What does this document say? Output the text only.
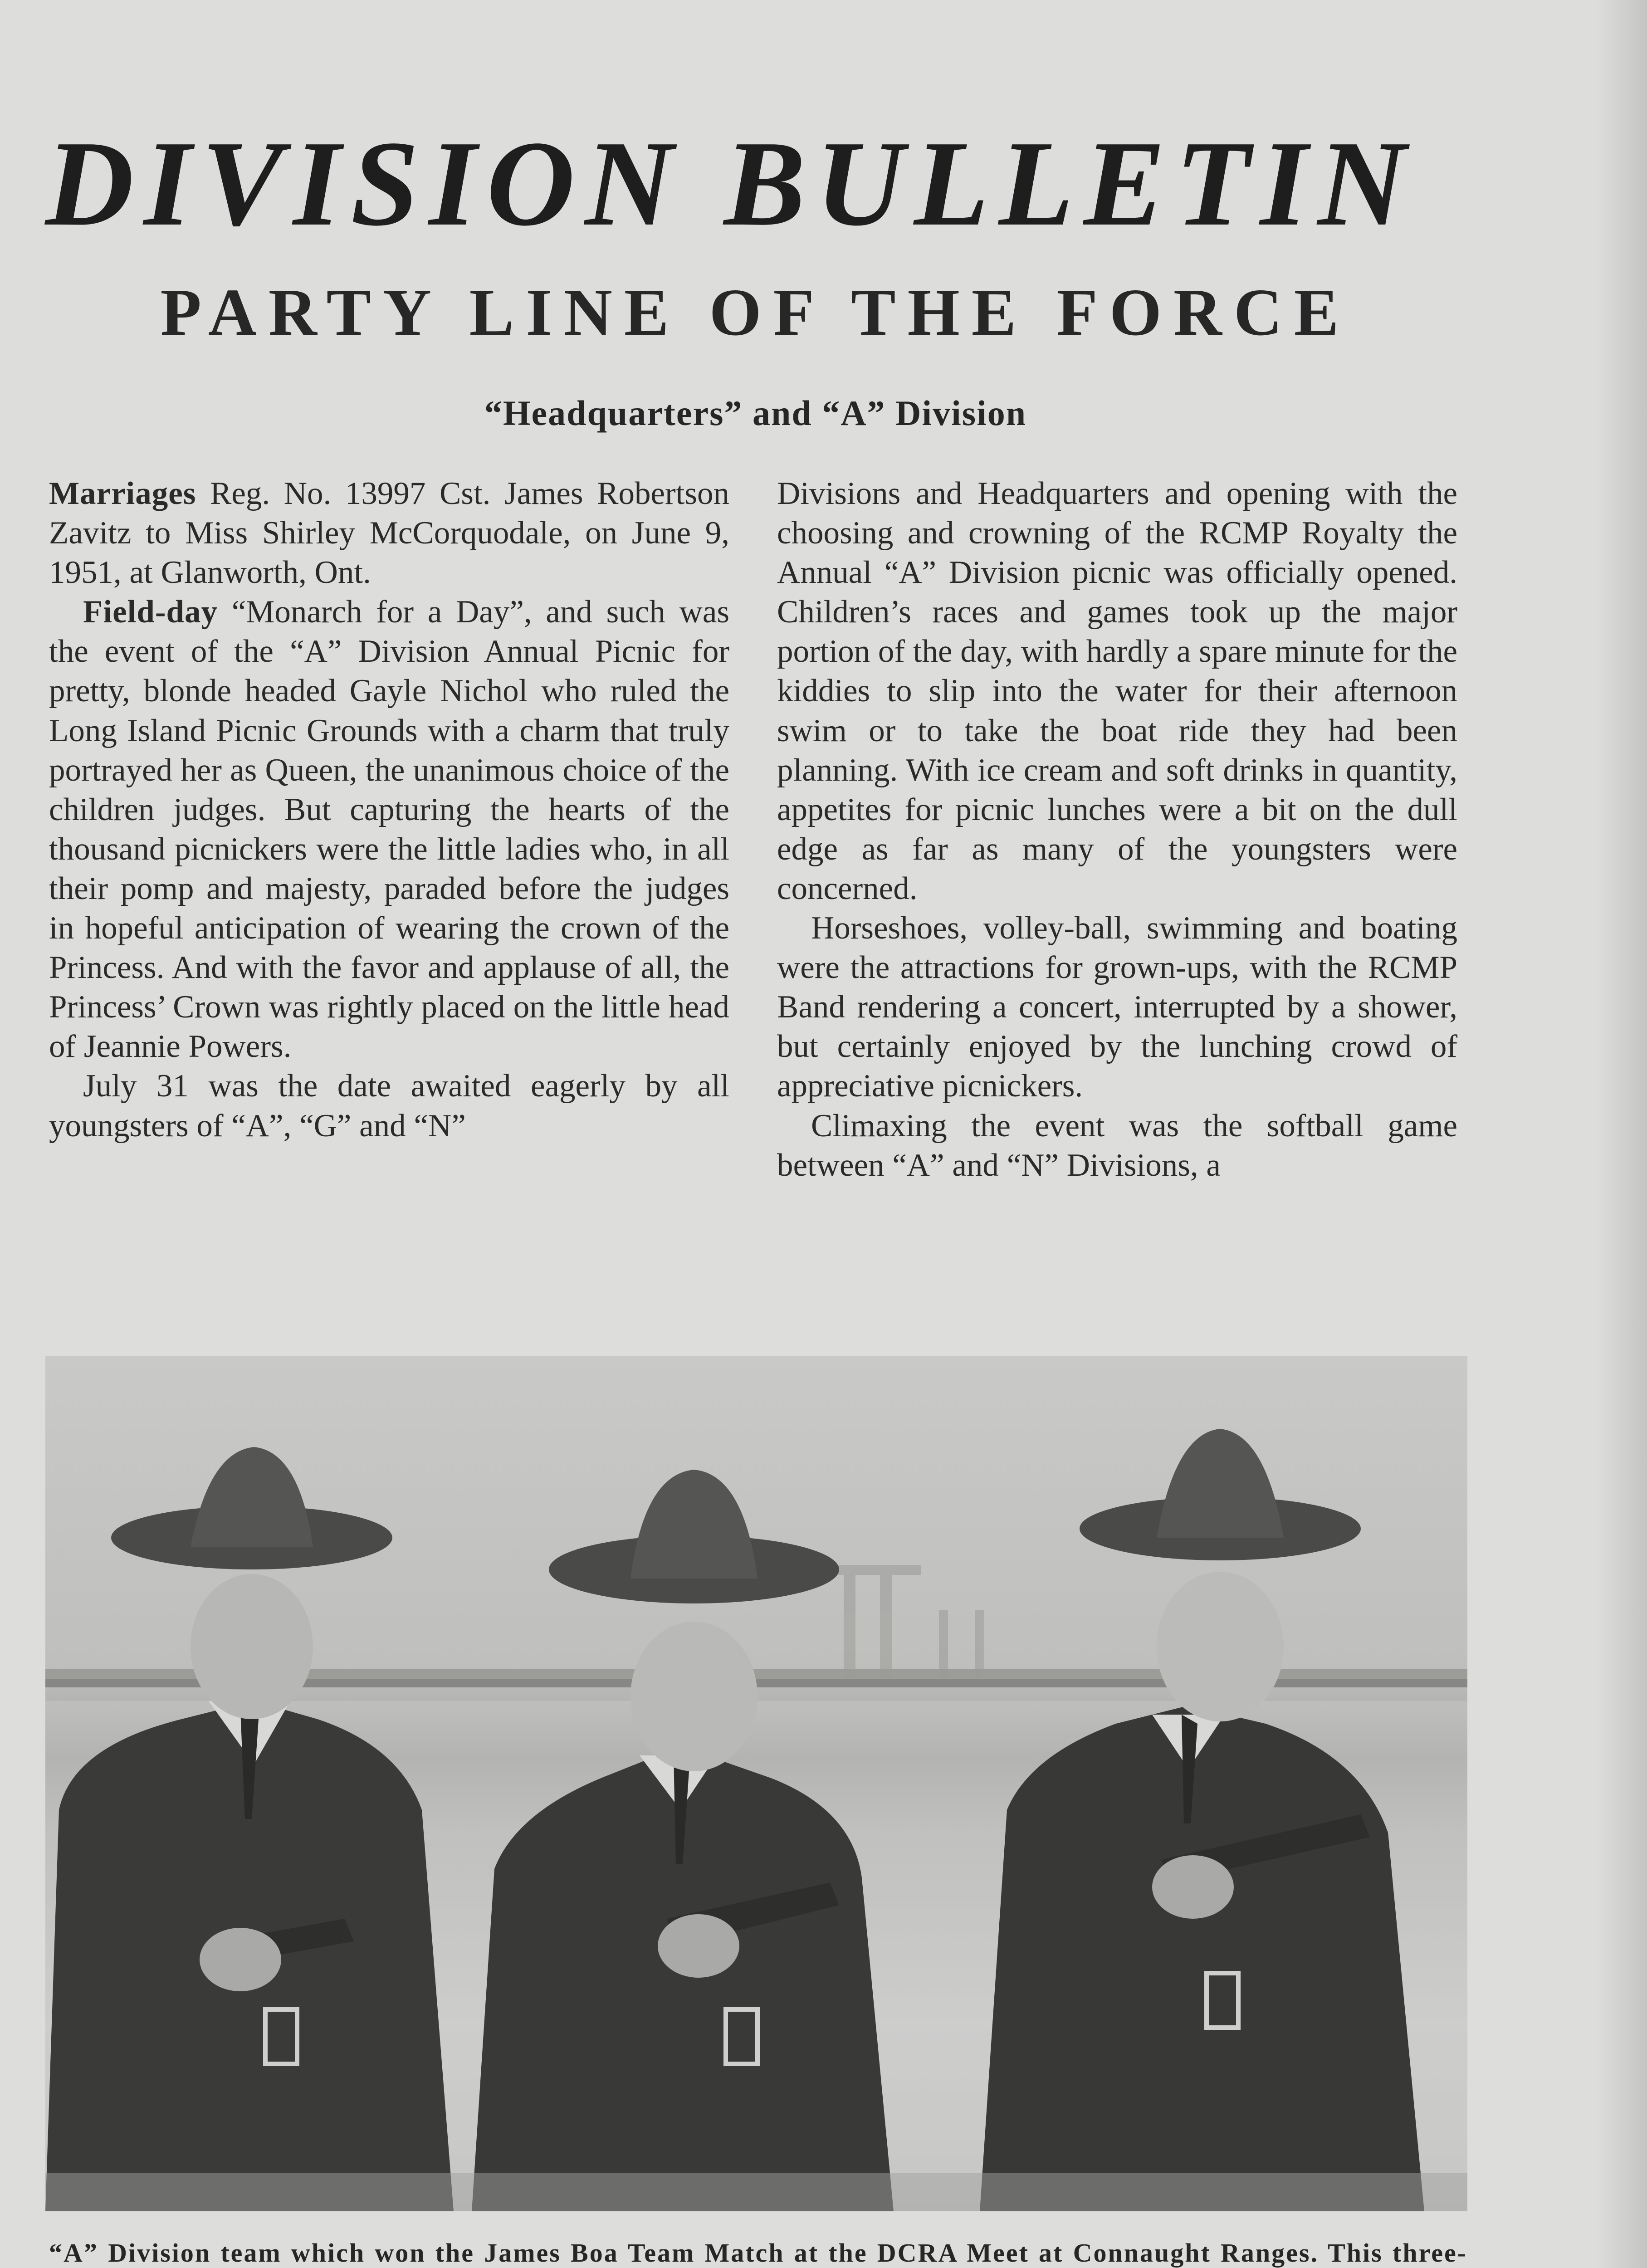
DIVISION BULLETIN
PARTY LINE OF THE FORCE
“Headquarters” and “A” Division

Marriages Reg. No. 13997 Cst. James Robertson Zavitz to Miss Shirley McCorquodale, on June 9, 1951, at Glanworth, Ont.

Field-day “Monarch for a Day”, and such was the event of the “A” Division Annual Picnic for pretty, blonde headed Gayle Nichol who ruled the Long Island Picnic Grounds with a charm that truly portrayed her as Queen, the unanimous choice of the children judges. But capturing the hearts of the thousand picnickers were the little ladies who, in all their pomp and majesty, paraded before the judges in hopeful anticipation of wearing the crown of the Princess. And with the favor and applause of all, the Princess’ Crown was rightly placed on the little head of Jeannie Powers.

July 31 was the date awaited eagerly by all youngsters of “A”, “G” and “N”

Divisions and Headquarters and opening with the choosing and crowning of the RCMP Royalty the Annual “A” Division picnic was officially opened. Children’s races and games took up the major portion of the day, with hardly a spare minute for the kiddies to slip into the water for their afternoon swim or to take the boat ride they had been planning. With ice cream and soft drinks in quantity, appetites for picnic lunches were a bit on the dull edge as far as many of the youngsters were concerned.

Horseshoes, volley-ball, swimming and boating were the attractions for grown-ups, with the RCMP Band rendering a concert, interrupted by a shower, but certainly enjoyed by the lunching crowd of appreciative picnickers.

Climaxing the event was the softball game between “A” and “N” Divisions, a

“A” Division team which won the James Boa Team Match at the DCRA Meet at Connaught Ranges. This three-
